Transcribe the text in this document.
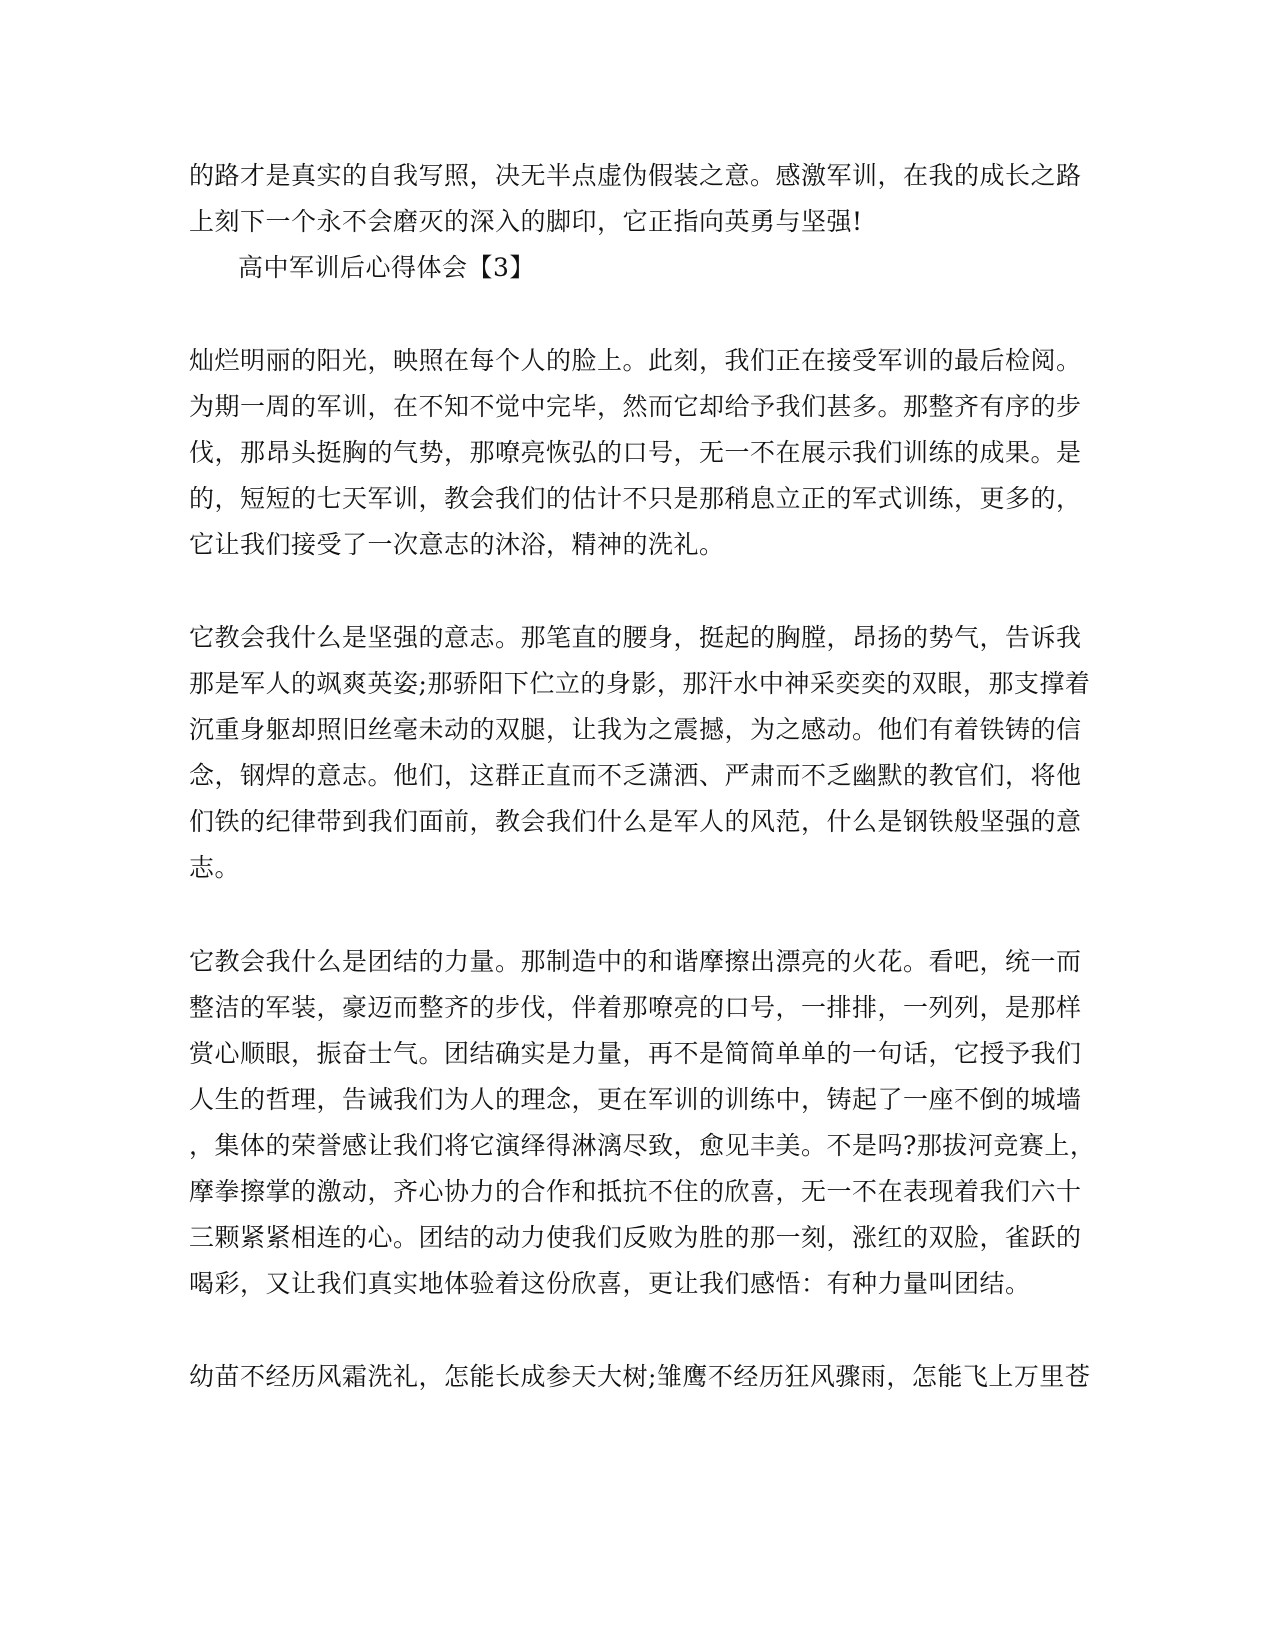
的路才是真实的自我写照，决无半点虚伪假装之意。感激军训，在我的成长之路
上刻下一个永不会磨灭的深入的脚印，它正指向英勇与坚强!
高中军训后心得体会【3】
灿烂明丽的阳光，映照在每个人的脸上。此刻，我们正在接受军训的最后检阅。
为期一周的军训，在不知不觉中完毕，然而它却给予我们甚多。那整齐有序的步
伐，那昂头挺胸的气势，那嘹亮恢弘的口号，无一不在展示我们训练的成果。是
的，短短的七天军训，教会我们的估计不只是那稍息立正的军式训练，更多的，
它让我们接受了一次意志的沐浴，精神的洗礼。
它教会我什么是坚强的意志。那笔直的腰身，挺起的胸膛，昂扬的势气，告诉我
那是军人的飒爽英姿;那骄阳下伫立的身影，那汗水中神采奕奕的双眼，那支撑着
沉重身躯却照旧丝毫未动的双腿，让我为之震撼，为之感动。他们有着铁铸的信
念，钢焊的意志。他们，这群正直而不乏潇洒、严肃而不乏幽默的教官们，将他
们铁的纪律带到我们面前，教会我们什么是军人的风范，什么是钢铁般坚强的意
志。
它教会我什么是团结的力量。那制造中的和谐摩擦出漂亮的火花。看吧，统一而
整洁的军装，豪迈而整齐的步伐，伴着那嘹亮的口号，一排排，一列列，是那样
赏心顺眼，振奋士气。团结确实是力量，再不是简简单单的一句话，它授予我们
人生的哲理，告诫我们为人的理念，更在军训的训练中，铸起了一座不倒的城墙
，集体的荣誉感让我们将它演绎得淋漓尽致，愈见丰美。不是吗?那拔河竞赛上，
摩拳擦掌的激动，齐心协力的合作和抵抗不住的欣喜，无一不在表现着我们六十
三颗紧紧相连的心。团结的动力使我们反败为胜的那一刻，涨红的双脸，雀跃的
喝彩，又让我们真实地体验着这份欣喜，更让我们感悟：有种力量叫团结。
幼苗不经历风霜洗礼，怎能长成参天大树;雏鹰不经历狂风骤雨，怎能飞上万里苍
